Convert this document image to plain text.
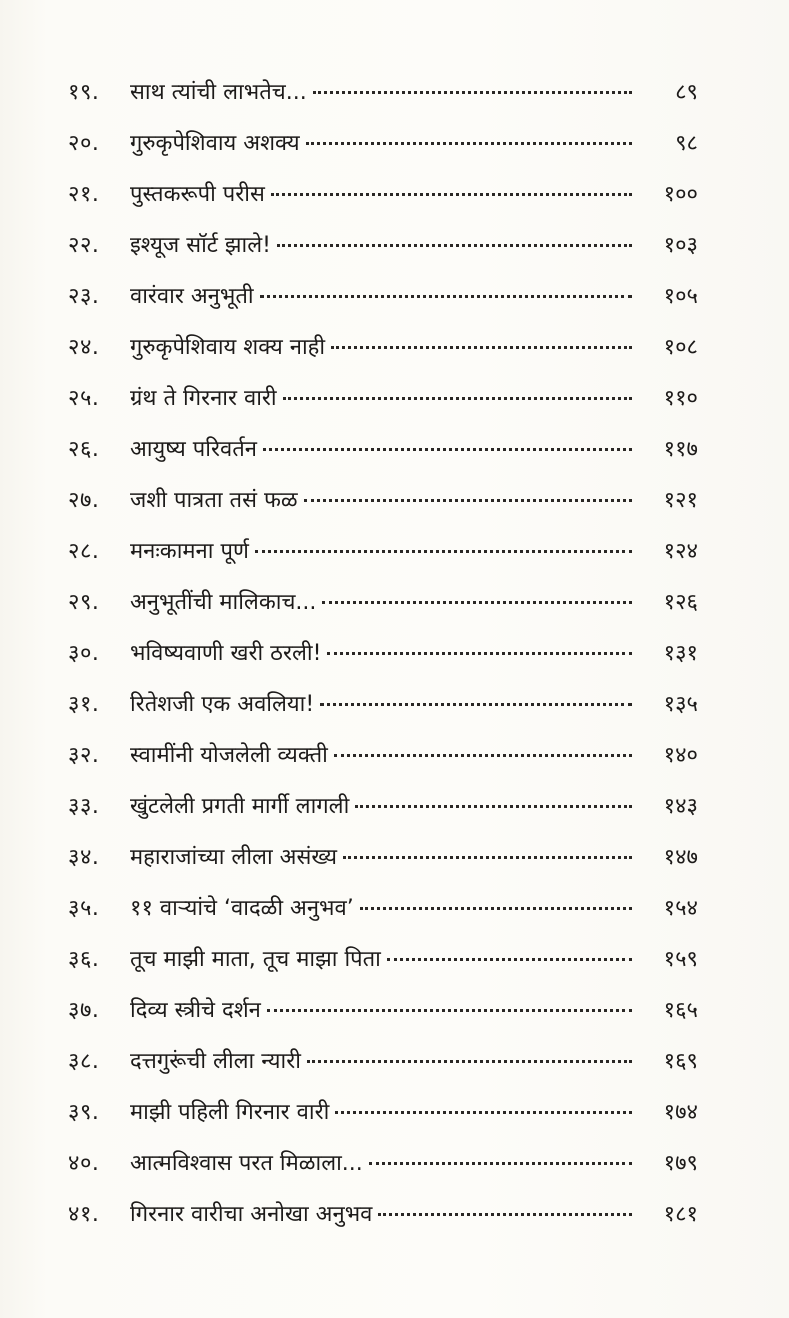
१९.	साथ त्यांची लाभतेच...	८९
२०.	गुरुकृपेशिवाय अशक्य	९८
२१.	पुस्तकरूपी परीस	१००
२२.	इश्यूज सॉर्ट झाले!	१०३
२३.	वारंवार अनुभूती	१०५
२४.	गुरुकृपेशिवाय शक्य नाही	१०८
२५.	ग्रंथ ते गिरनार वारी	११०
२६.	आयुष्य परिवर्तन	११७
२७.	जशी पात्रता तसं फळ	१२१
२८.	मनःकामना पूर्ण	१२४
२९.	अनुभूतींची मालिकाच...	१२६
३०.	भविष्यवाणी खरी ठरली!	१३१
३१.	रितेशजी एक अवलिया!	१३५
३२.	स्वामींनी योजलेली व्यक्ती	१४०
३३.	खुंटलेली प्रगती मार्गी लागली	१४३
३४.	महाराजांच्या लीला असंख्य	१४७
३५.	११ वाऱ्यांचे ‘वादळी अनुभव’	१५४
३६.	तूच माझी माता, तूच माझा पिता	१५९
३७.	दिव्य स्त्रीचे दर्शन	१६५
३८.	दत्तगुरूंची लीला न्यारी	१६९
३९.	माझी पहिली गिरनार वारी	१७४
४०.	आत्मविश्वास परत मिळाला...	१७९
४१.	गिरनार वारीचा अनोखा अनुभव	१८१
